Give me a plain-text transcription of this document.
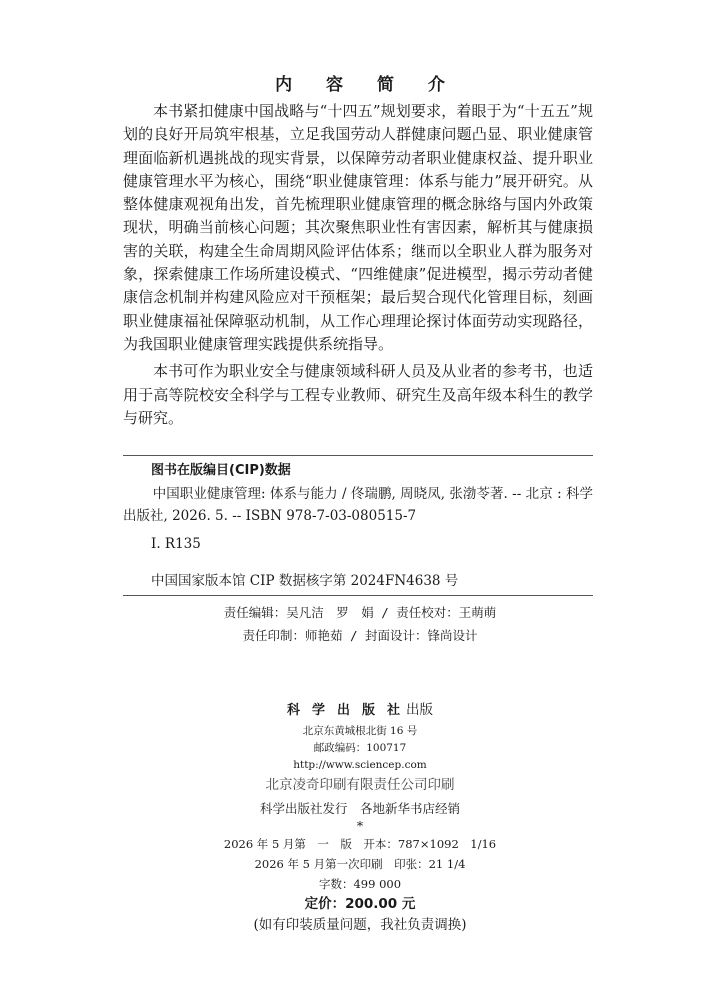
内 容 简 介

本书紧扣健康中国战略与“十四五”规划要求，着眼于为“十五五”规划的良好开局筑牢根基，立足我国劳动人群健康问题凸显、职业健康管理面临新机遇挑战的现实背景，以保障劳动者职业健康权益、提升职业健康管理水平为核心，围绕“职业健康管理：体系与能力”展开研究。从整体健康观视角出发，首先梳理职业健康管理的概念脉络与国内外政策现状，明确当前核心问题；其次聚焦职业性有害因素，解析其与健康损害的关联，构建全生命周期风险评估体系；继而以全职业人群为服务对象，探索健康工作场所建设模式、“四维健康”促进模型，揭示劳动者健康信念机制并构建风险应对干预框架；最后契合现代化管理目标，刻画职业健康福祉保障驱动机制，从工作心理理论探讨体面劳动实现路径，为我国职业健康管理实践提供系统指导。

本书可作为职业安全与健康领域科研人员及从业者的参考书，也适用于高等院校安全科学与工程专业教师、研究生及高年级本科生的教学与研究。

图书在版编目(CIP)数据
中国职业健康管理: 体系与能力 / 佟瑞鹏, 周晓凤, 张渤苓著. -- 北京 : 科学出版社, 2026. 5. -- ISBN 978-7-03-080515-7
Ⅰ. R135
中国国家版本馆 CIP 数据核字第 2024FN4638 号
责任编辑：吴凡洁　罗　娟 / 责任校对：王萌萌
责任印制：师艳茹 / 封面设计：锋尚设计
科学出版社出版
北京东黄城根北街 16 号
邮政编码：100717
http://www.sciencep.com
北京凌奇印刷有限责任公司印刷
科学出版社发行　各地新华书店经销
*
2026 年 5 月第　一　版　开本：787×1092　1/16
2026 年 5 月第一次印刷　印张：21 1/4
字数：499 000
定价：200.00 元
(如有印装质量问题，我社负责调换)
